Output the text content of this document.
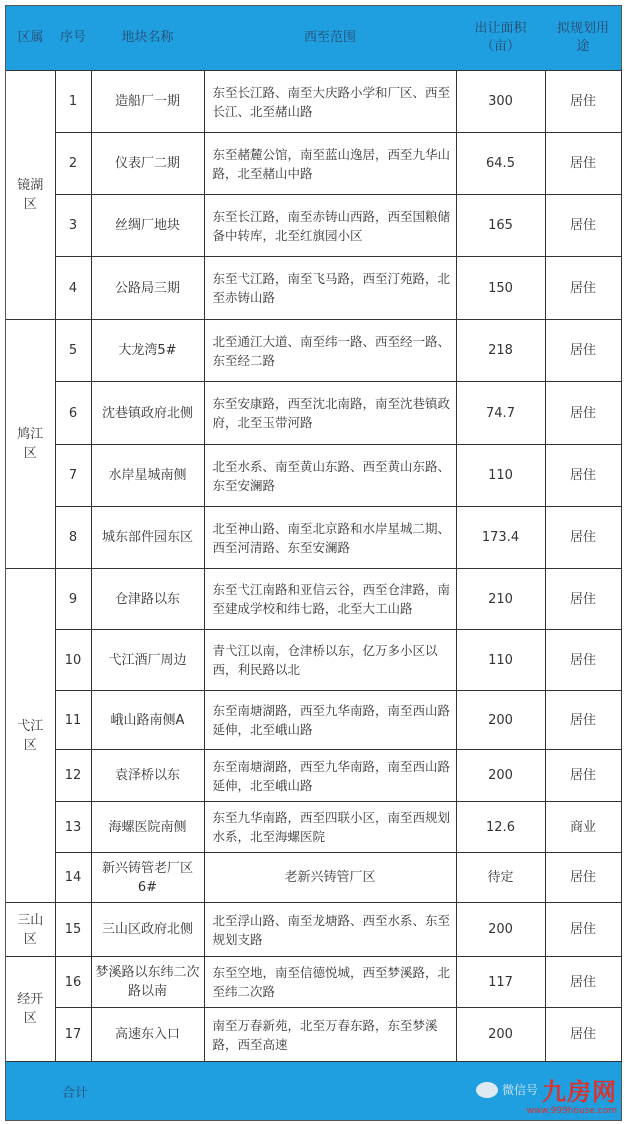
区属	序号	地块名称	西至范围	出让面积（亩）	拟规划用途
镜湖区	1	造船厂一期	东至长江路、南至大庆路小学和厂区、西至长江、北至赭山路	300	居住
	2	仪表厂二期	东至赭麓公馆，南至蓝山逸居，西至九华山路，北至赭山中路	64.5	居住
	3	丝绸厂地块	东至长江路，南至赤铸山西路，西至国粮储备中转库，北至红旗园小区	165	居住
	4	公路局三期	东至弋江路，南至飞马路，西至汀苑路，北至赤铸山路	150	居住
鸠江区	5	大龙湾5#	北至通江大道、南至纬一路、西至经一路、东至经二路	218	居住
	6	沈巷镇政府北侧	东至安康路，西至沈北南路，南至沈巷镇政府，北至玉带河路	74.7	居住
	7	水岸星城南侧	北至水系、南至黄山东路、西至黄山东路、东至安澜路	110	居住
	8	城东部件园东区	北至神山路、南至北京路和水岸星城二期、西至河清路、东至安澜路	173.4	居住
弋江区	9	仓津路以东	东至弋江南路和亚信云谷，西至仓津路，南至建成学校和纬七路，北至大工山路	210	居住
	10	弋江酒厂周边	青弋江以南，仓津桥以东，亿万多小区以西，利民路以北	110	居住
	11	峨山路南侧A	东至南塘湖路，西至九华南路，南至西山路延伸，北至峨山路	200	居住
	12	袁泽桥以东	东至南塘湖路，西至九华南路，南至西山路延伸，北至峨山路	200	居住
	13	海螺医院南侧	东至九华南路，西至四联小区，南至西规划水系，北至海螺医院	12.6	商业
	14	新兴铸管老厂区6#	老新兴铸管厂区	待定	居住
三山区	15	三山区政府北侧	北至浮山路、南至龙塘路、西至水系、东至规划支路	200	居住
经开区	16	梦溪路以东纬二次路以南	东至空地，南至信德悦城，西至梦溪路，北至纬二次路	117	居住
	17	高速东入口	南至万春新苑，北至万春东路，东至梦溪路，西至高速	200	居住
合计	微信号 九房网
www.999house.com
